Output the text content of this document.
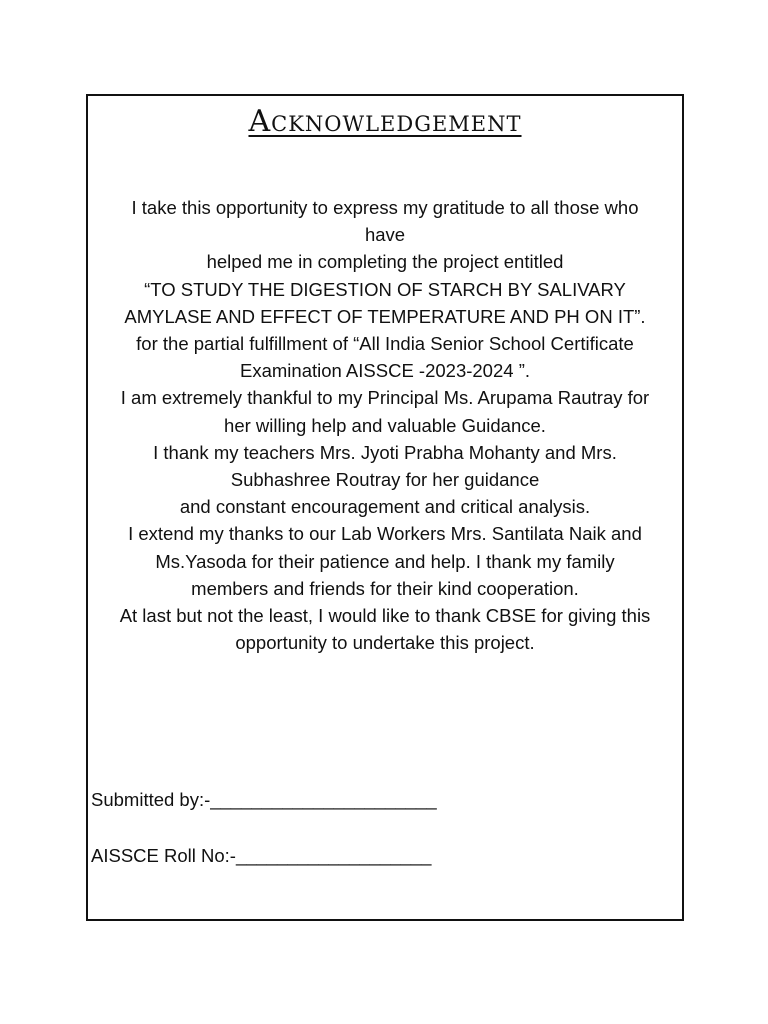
Acknowledgement
I take this opportunity to express my gratitude to all those who
have
helped me in completing the project entitled
“TO STUDY THE DIGESTION OF STARCH BY SALIVARY
AMYLASE AND EFFECT OF TEMPERATURE AND PH ON IT”.
for the partial fulfillment of “All India Senior School Certificate
Examination AISSCE -2023-2024 ”.
I am extremely thankful to my Principal Ms. Arupama Rautray for
her willing help and valuable Guidance.
I thank my teachers Mrs. Jyoti Prabha Mohanty and Mrs.
Subhashree Routray for her guidance
and constant encouragement and critical analysis.
I extend my thanks to our Lab Workers Mrs. Santilata Naik and
Ms.Yasoda for their patience and help. I thank my family
members and friends for their kind cooperation.
At last but not the least, I would like to thank CBSE for giving this
opportunity to undertake this project.
Submitted by:-______________________
AISSCE Roll No:-___________________
